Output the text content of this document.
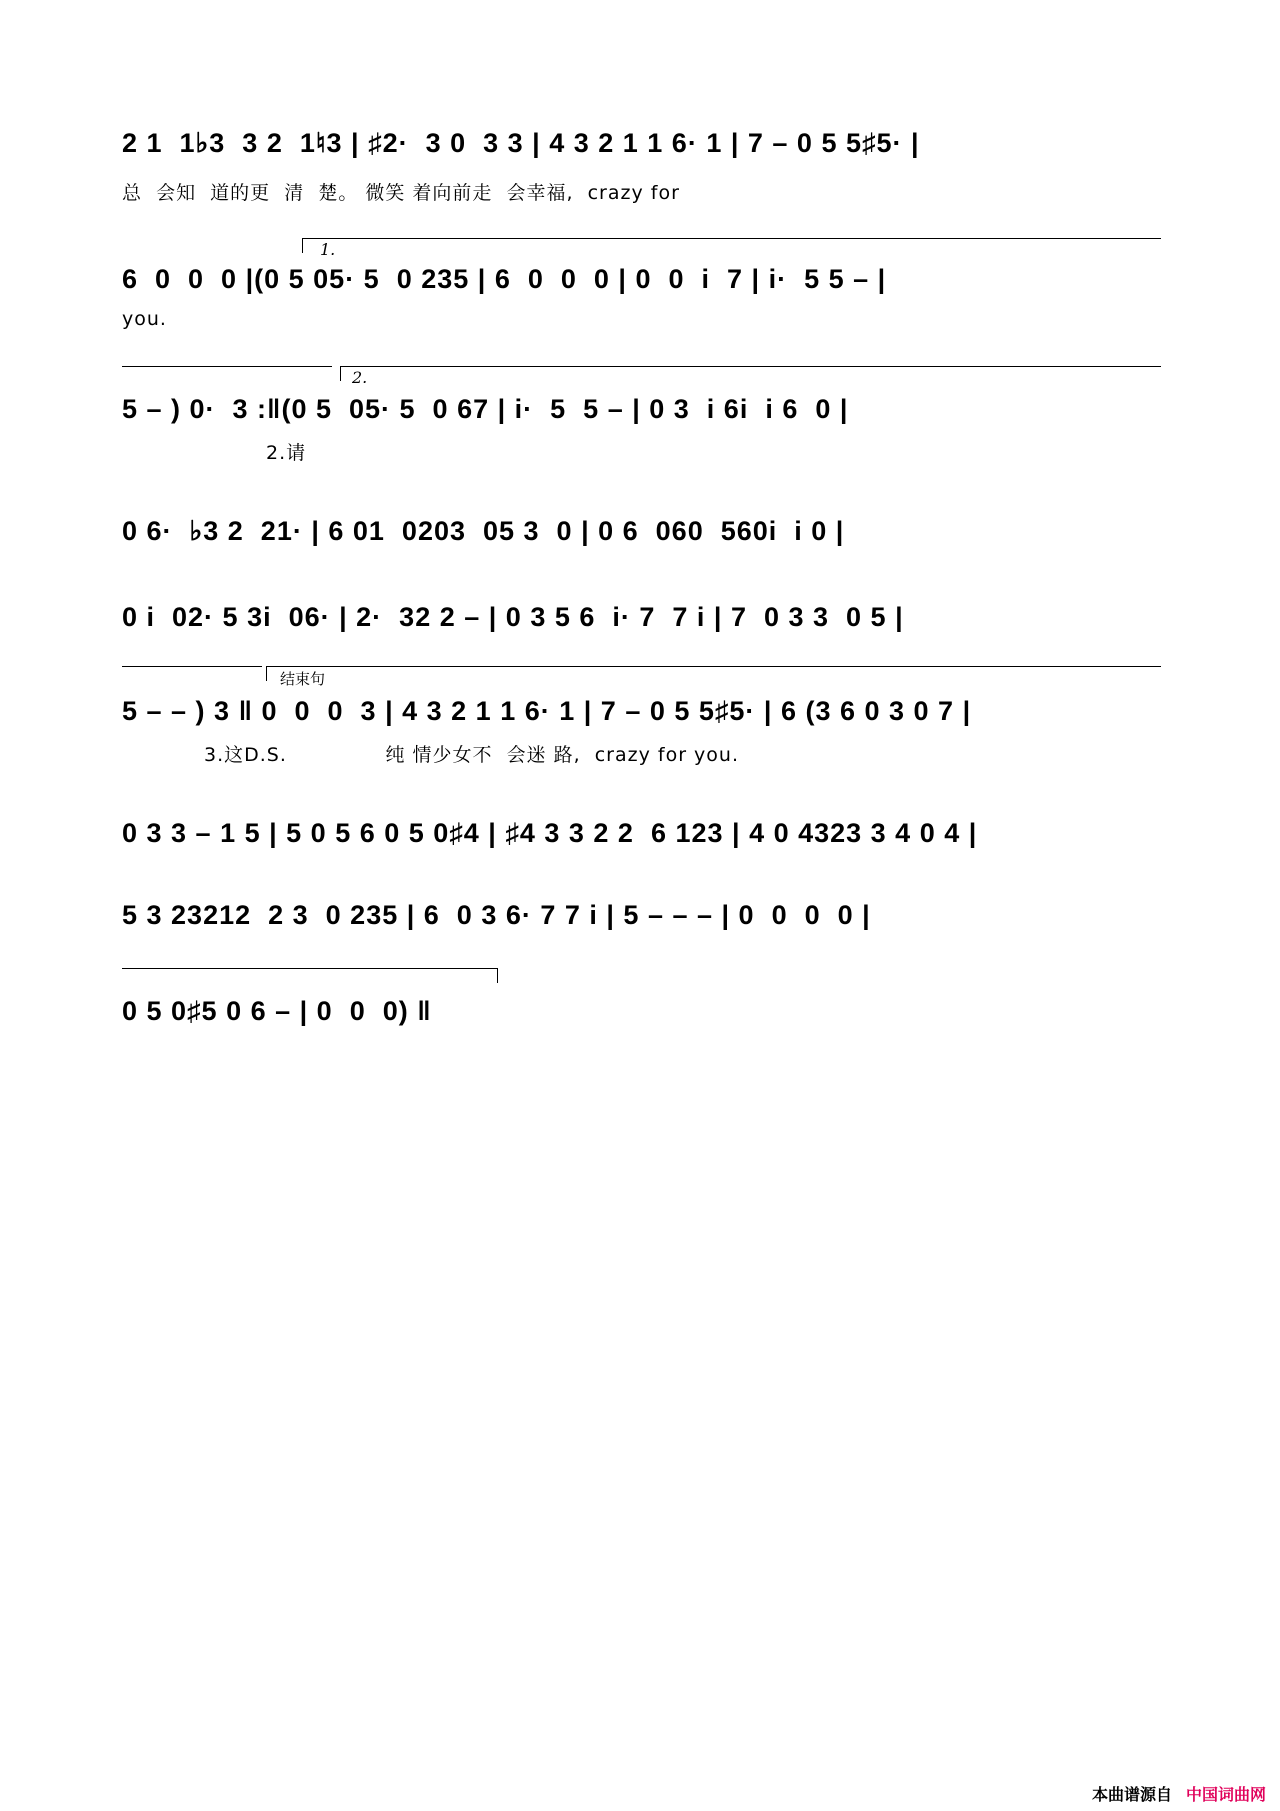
2 1  1♭3  3 2  1♮3 | ♯2·  3 0  3 3 | 4 3 2 1 1 6· 1 | 7 – 0 5 5♯5· |
总  会知  道的更  清  楚。 微笑 着向前走  会幸福,  crazy for
1.
6  0  0  0 |(0 5 05· 5  0 235 | 6  0  0  0 | 0  0  i  7 | i·  5 5 – |
you.
2.
5 – ) 0·  3 :‖(0 5  05· 5  0 67 | i·  5  5 – | 0 3  i 6i  i 6  0 |
2.请
0 6·  ♭3 2  21· | 6 01  0203  05 3  0 | 0 6  060  560i  i 0 |
0 i  02· 5 3i  06· | 2·  32 2 – | 0 3 5 6  i· 7  7 i | 7  0 3 3  0 5 |
结束句
5 – – ) 3 ‖ 0  0  0  3 | 4 3 2 1 1 6· 1 | 7 – 0 5 5♯5· | 6 (3 6 0 3 0 7 |
3.这D.S.              纯 情少女不  会迷 路,  crazy for you.
0 3 3 – 1 5 | 5 0 5 6 0 5 0♯4 | ♯4 3 3 2 2  6 123 | 4 0 4323 3 4 0 4 |
5 3 23212  2 3  0 235 | 6  0 3 6· 7 7 i | 5 – – – | 0  0  0  0 |
0 5 0♯5 0 6 – | 0  0  0) ‖
本曲谱源自 中国词曲网
